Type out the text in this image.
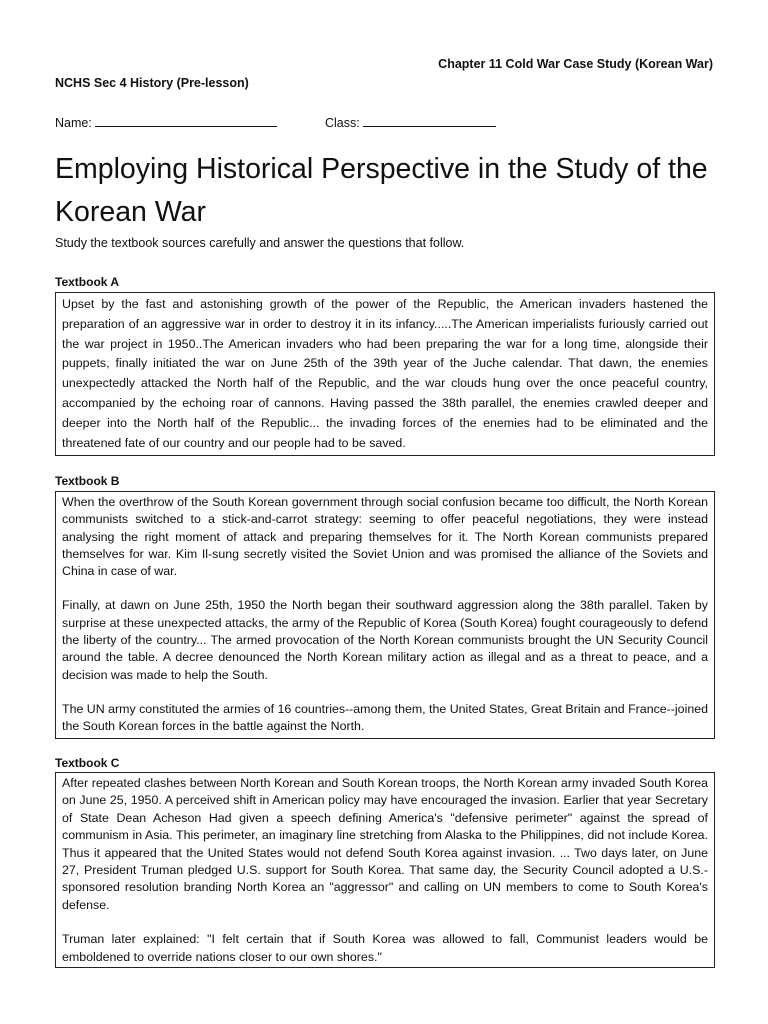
Chapter 11 Cold War Case Study (Korean War)
NCHS Sec 4 History (Pre-lesson)
Name:	Class:
Employing Historical Perspective in the Study of the Korean War
Study the textbook sources carefully and answer the questions that follow.
Textbook A

Upset by the fast and astonishing growth of the power of the Republic, the American invaders hastened the preparation of an aggressive war in order to destroy it in its infancy.....The American imperialists furiously carried out the war project in 1950..The American invaders who had been preparing the war for a long time, alongside their puppets, finally initiated the war on June 25th of the 39th year of the Juche calendar. That dawn, the enemies unexpectedly attacked the North half of the Republic, and the war clouds hung over the once peaceful country, accompanied by the echoing roar of cannons. Having passed the 38th parallel, the enemies crawled deeper and deeper into the North half of the Republic... the invading forces of the enemies had to be eliminated and the threatened fate of our country and our people had to be saved.

Textbook B

When the overthrow of the South Korean government through social confusion became too difficult, the North Korean communists switched to a stick-and-carrot strategy: seeming to offer peaceful negotiations, they were instead analysing the right moment of attack and preparing themselves for it. The North Korean communists prepared themselves for war. Kim Il-sung secretly visited the Soviet Union and was promised the alliance of the Soviets and China in case of war.

Finally, at dawn on June 25th, 1950 the North began their southward aggression along the 38th parallel. Taken by surprise at these unexpected attacks, the army of the Republic of Korea (South Korea) fought courageously to defend the liberty of the country... The armed provocation of the North Korean communists brought the UN Security Council around the table. A decree denounced the North Korean military action as illegal and as a threat to peace, and a decision was made to help the South.

The UN army constituted the armies of 16 countries--among them, the United States, Great Britain and France--joined the South Korean forces in the battle against the North.

Textbook C

After repeated clashes between North Korean and South Korean troops, the North Korean army invaded South Korea on June 25, 1950. A perceived shift in American policy may have encouraged the invasion. Earlier that year Secretary of State Dean Acheson Had given a speech defining America's "defensive perimeter" against the spread of communism in Asia. This perimeter, an imaginary line stretching from Alaska to the Philippines, did not include Korea. Thus it appeared that the United States would not defend South Korea against invasion. ... Two days later, on June 27, President Truman pledged U.S. support for South Korea. That same day, the Security Council adopted a U.S.-sponsored resolution branding North Korea an "aggressor" and calling on UN members to come to South Korea's defense.

Truman later explained: "I felt certain that if South Korea was allowed to fall, Communist leaders would be emboldened to override nations closer to our own shores."
